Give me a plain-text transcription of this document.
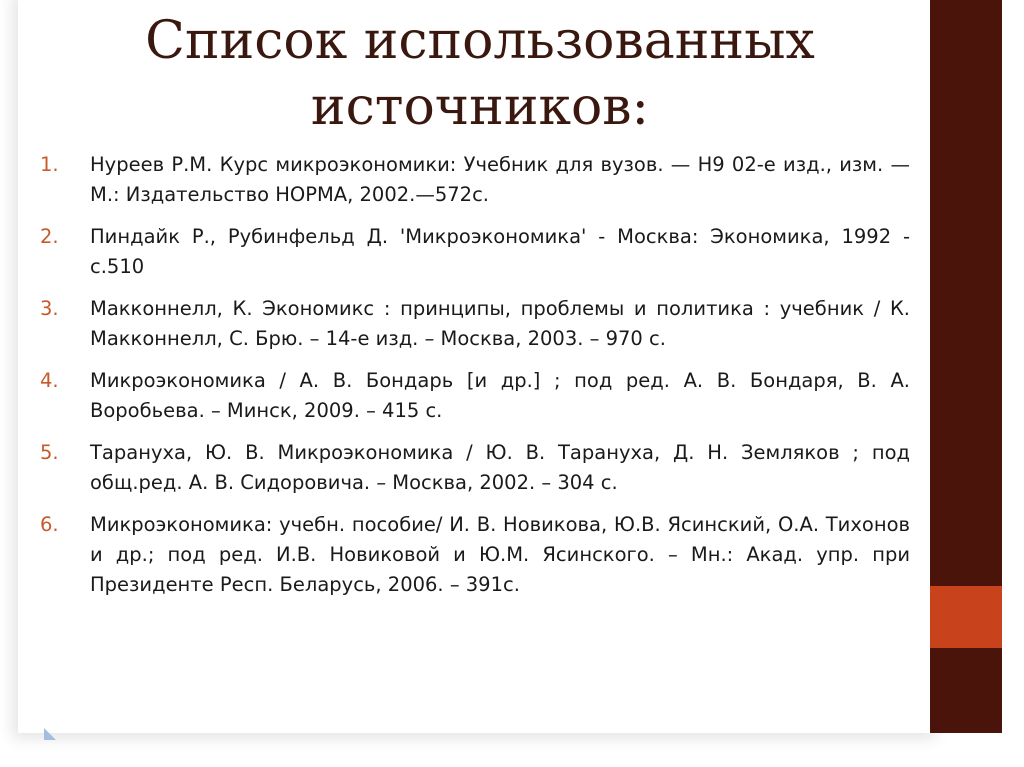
Список использованных источников:
1. Нуреев Р.М. Курс микроэкономики: Учебник для вузов. — Н9 02-е изд., изм. —М.: Издательство НОРМА, 2002.—572с.
2. Пиндайк Р., Рубинфельд Д. 'Микроэкономика' - Москва: Экономика, 1992 - с.510
3. Макконнелл, К. Экономикс : принципы, проблемы и политика : учебник / К. Макконнелл, С. Брю. – 14-е изд. – Москва, 2003. – 970 с.
4. Микроэкономика / А. В. Бондарь [и др.] ; под ред. А. В. Бондаря, В. А. Воробьева. – Минск, 2009. – 415 с.
5. Тарануха, Ю. В. Микроэкономика / Ю. В. Тарануха, Д. Н. Земляков ; под общ.ред. А. В. Сидоровича. – Москва, 2002. – 304 с.
6. Микроэкономика: учебн. пособие/ И. В. Новикова, Ю.В. Ясинский, О.А. Тихонов и др.; под ред. И.В. Новиковой и Ю.М. Ясинского. – Мн.: Акад. упр. при Президенте Респ. Беларусь, 2006. – 391с.
